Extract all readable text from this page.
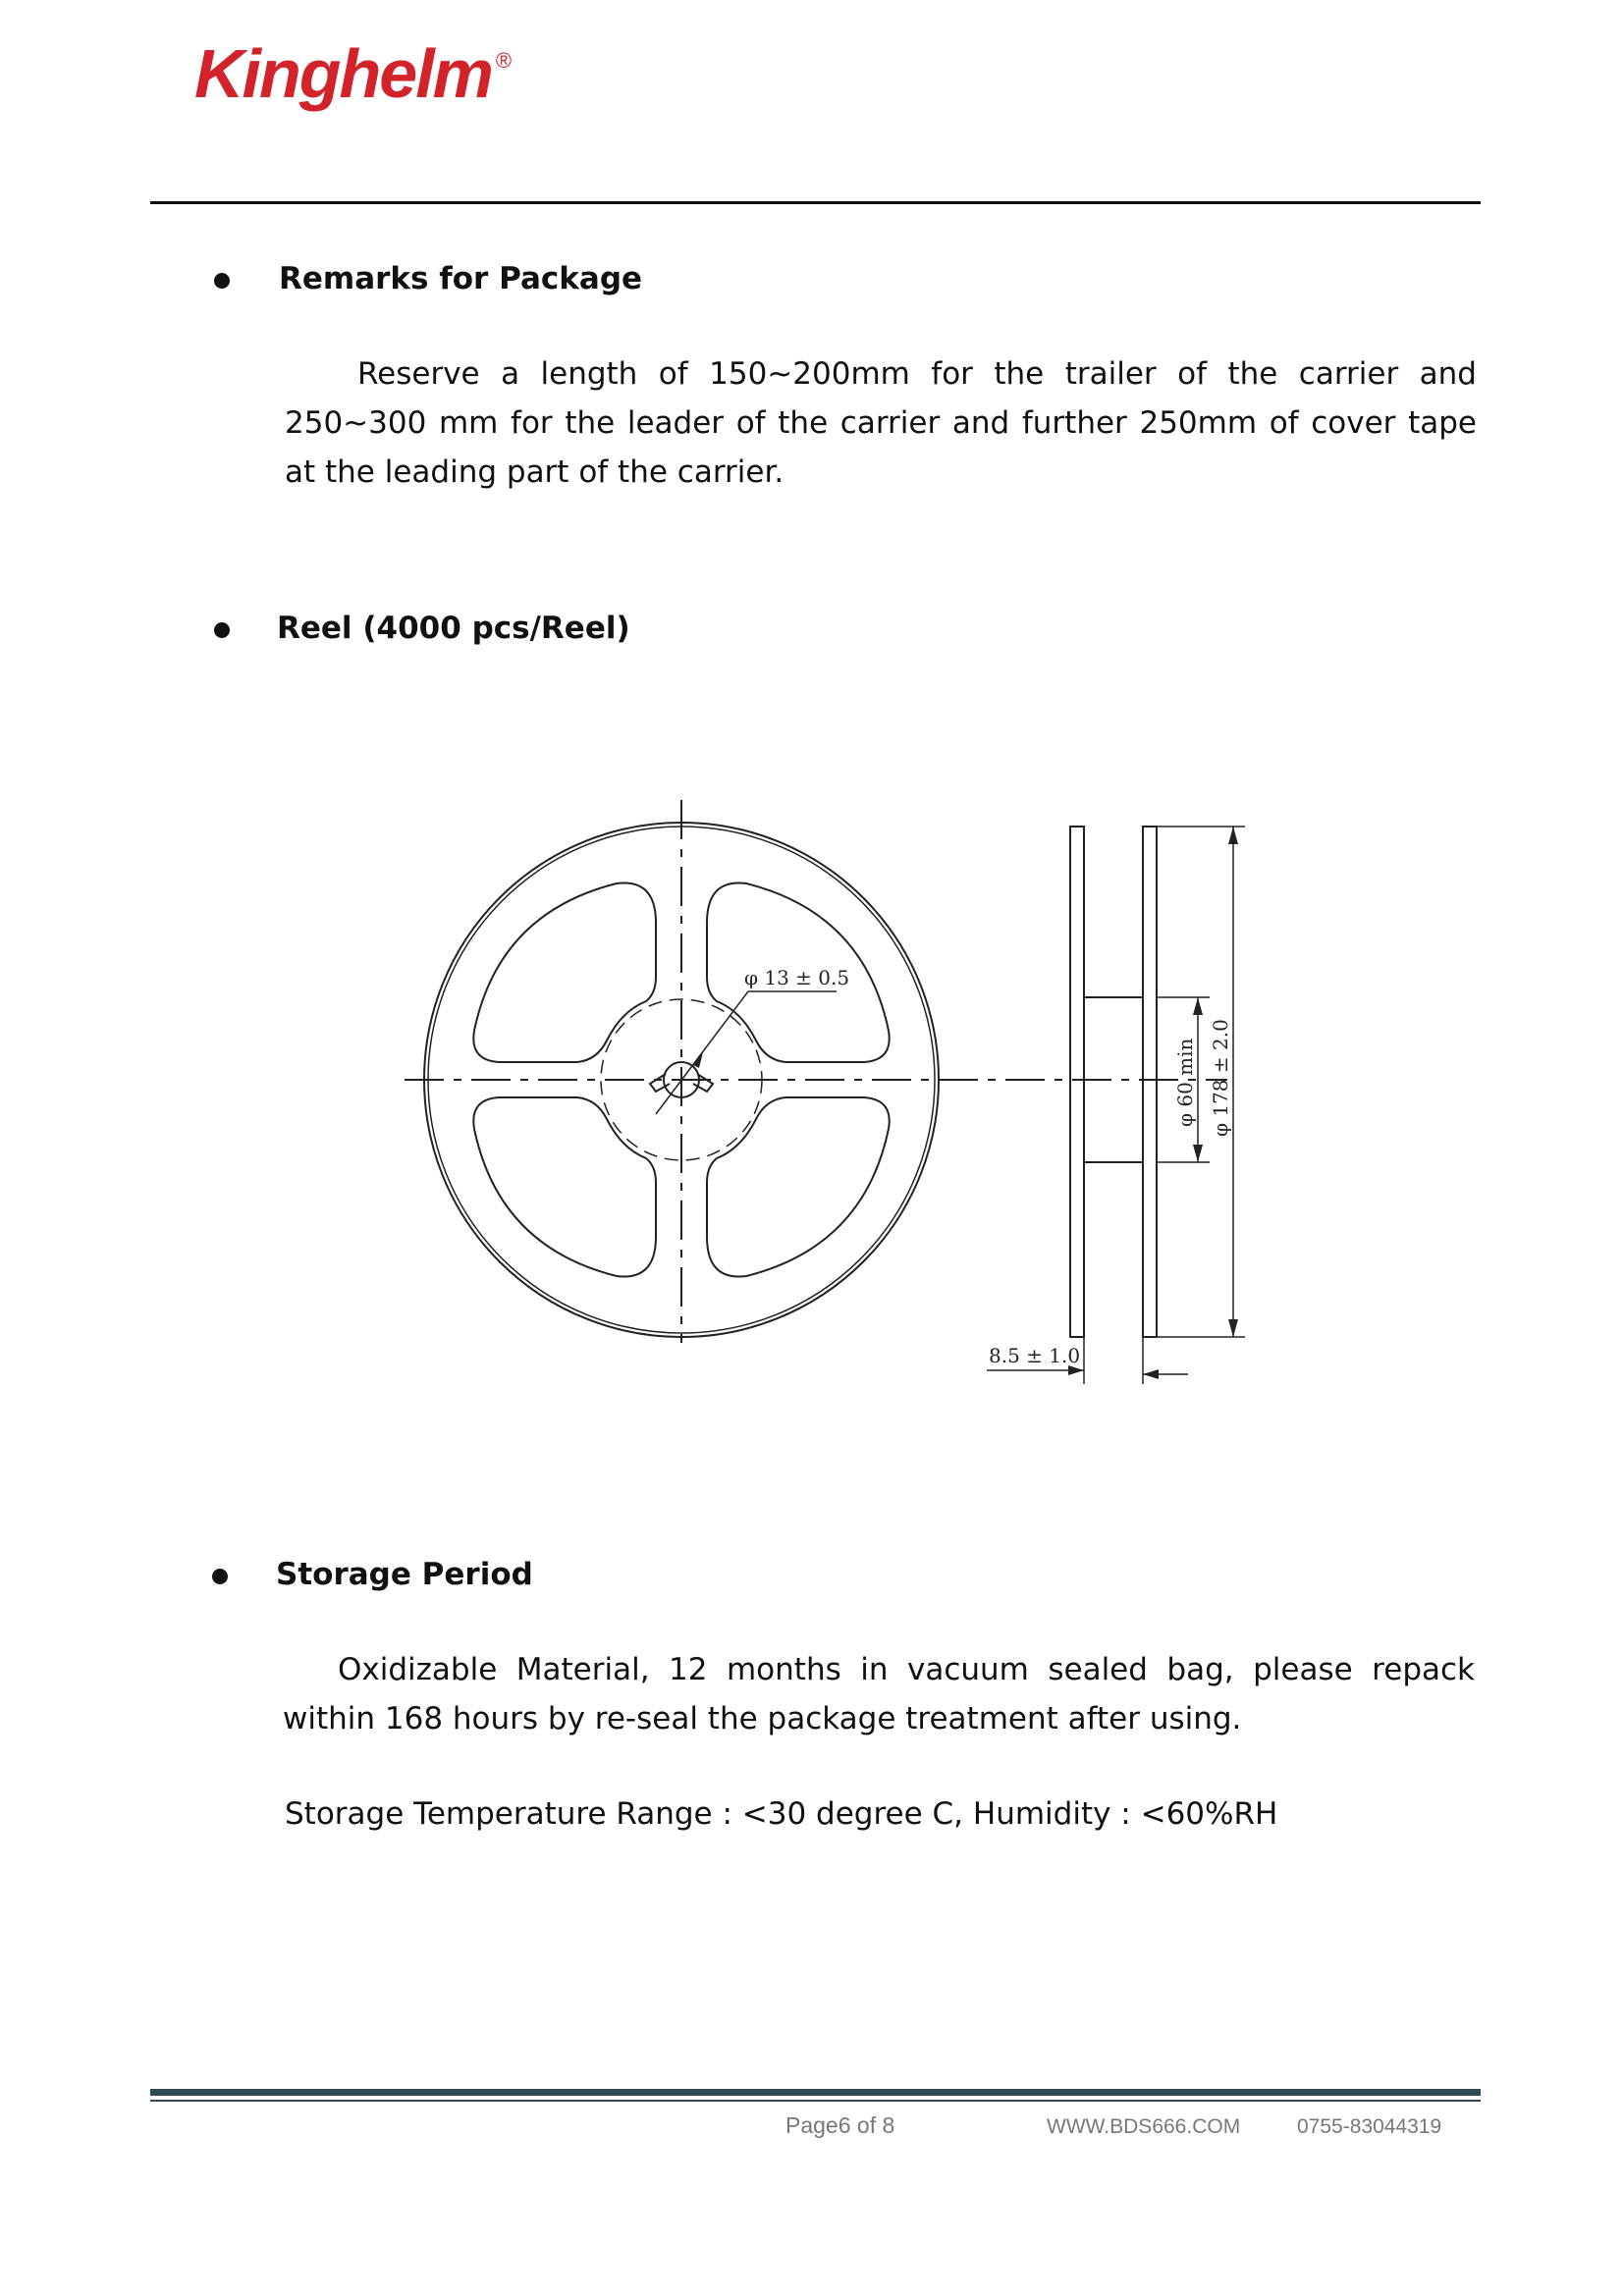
Kinghelm ®
Remarks for Package
Reserve a length of 150~200mm for the trailer of the carrier and 250~300 mm for the leader of the carrier and further 250mm of cover tape at the leading part of the carrier.
Reel (4000 pcs/Reel)
φ 13 ± 0.5
φ 178 ± 2.0
φ 60 min
8.5 ± 1.0
Storage Period
Oxidizable Material, 12 months in vacuum sealed bag, please repack within 168 hours by re-seal the package treatment after using.
Storage Temperature Range : <30 degree C, Humidity : <60%RH
Page6 of 8	WWW.BDS666.COM	0755-83044319
